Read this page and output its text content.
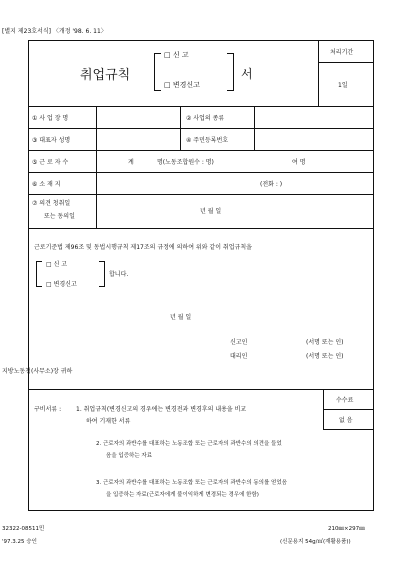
[별지 제23호서식] 〈개정 '98. 6. 11〉
취업규칙
□ 신 고
□ 변경신고
서
처리기간
1일
① 사 업 장 명	② 사업의 종류
③ 대표자 성명	④ 주민등록번호
⑤ 근 로 자 수	계	명(노동조합원수 : 명)	여 명
⑥ 소 재 지	(전화 : )
⑦ 의견 청취일
또는 동의일
년 월 일
근로기준법 제96조 및 동법시행규칙 제17조의 규정에 의하여 위와 같이 취업규칙을
□ 신 고
□ 변경신고
합니다.
년 월 일
신고인	(서명 또는 인)
대리인	(서명 또는 인)
지방노동청(사무소)장 귀하
구비서류 : 1. 취업규칙(변경신고의 경우에는 변경전과 변경후의 내용을 비교
하여 기재한 서류
수수료
없 음
2. 근로자의 과반수를 대표하는 노동조합 또는 근로자의 과반수의 의견을 들었
음을 입증하는 자료
3. 근로자의 과반수를 대표하는 노동조합 또는 근로자의 과반수의 동의를 얻었음
을 입증하는 자료(근로자에게 불이익하게 변경되는 경우에 한함)
32322-08511민
'97.3.25 승인
210㎜×297㎜
(신문용지 54g/㎡(재활용품))
